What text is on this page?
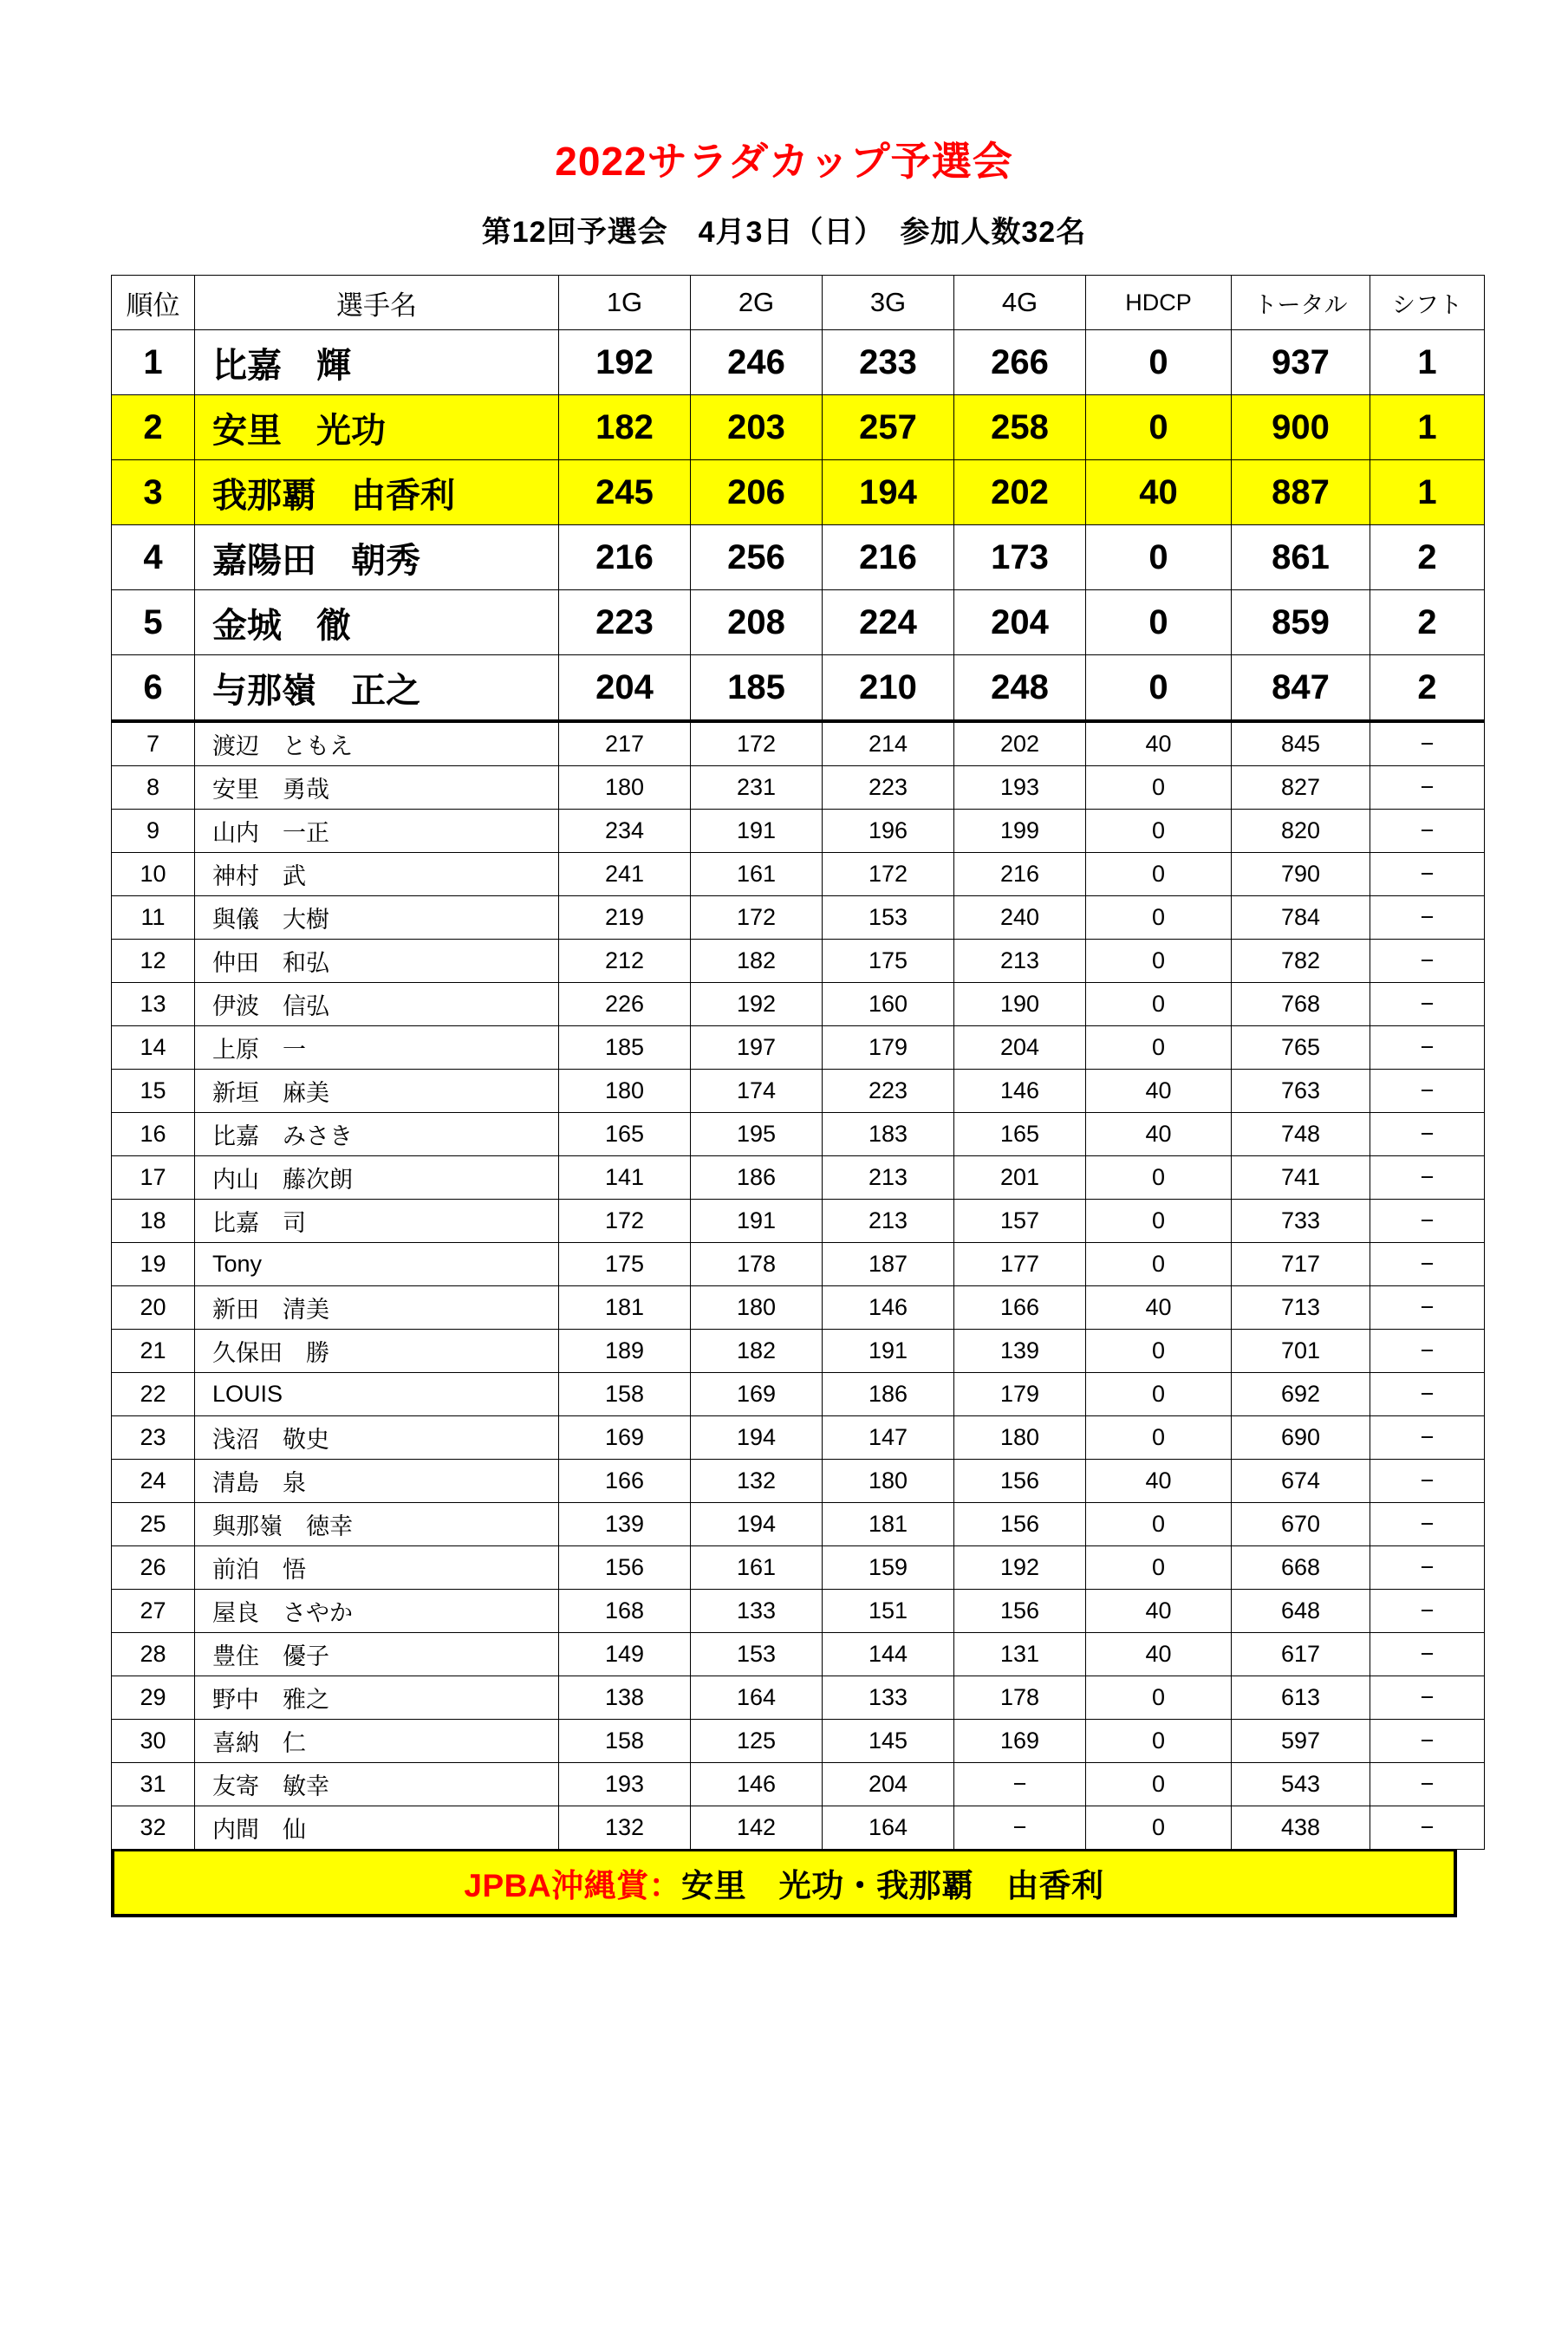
2022サラダカップ予選会
第12回予選会　4月3日（日）　参加人数32名
順位	選手名	1G	2G	3G	4G	HDCP	トータル	シフト
1	比嘉　輝	192	246	233	266	0	937	1
2	安里　光功	182	203	257	258	0	900	1
3	我那覇　由香利	245	206	194	202	40	887	1
4	嘉陽田　朝秀	216	256	216	173	0	861	2
5	金城　徹	223	208	224	204	0	859	2
6	与那嶺　正之	204	185	210	248	0	847	2
7	渡辺　ともえ	217	172	214	202	40	845	−
8	安里　勇哉	180	231	223	193	0	827	−
9	山内　一正	234	191	196	199	0	820	−
10	神村　武	241	161	172	216	0	790	−
11	與儀　大樹	219	172	153	240	0	784	−
12	仲田　和弘	212	182	175	213	0	782	−
13	伊波　信弘	226	192	160	190	0	768	−
14	上原　一	185	197	179	204	0	765	−
15	新垣　麻美	180	174	223	146	40	763	−
16	比嘉　みさき	165	195	183	165	40	748	−
17	内山　藤次朗	141	186	213	201	0	741	−
18	比嘉　司	172	191	213	157	0	733	−
19	Tony	175	178	187	177	0	717	−
20	新田　清美	181	180	146	166	40	713	−
21	久保田　勝	189	182	191	139	0	701	−
22	LOUIS	158	169	186	179	0	692	−
23	浅沼　敬史	169	194	147	180	0	690	−
24	清島　泉	166	132	180	156	40	674	−
25	與那嶺　徳幸	139	194	181	156	0	670	−
26	前泊　悟	156	161	159	192	0	668	−
27	屋良　さやか	168	133	151	156	40	648	−
28	豊住　優子	149	153	144	131	40	617	−
29	野中　雅之	138	164	133	178	0	613	−
30	喜納　仁	158	125	145	169	0	597	−
31	友寄　敏幸	193	146	204	−	0	543	−
32	内間　仙	132	142	164	−	0	438	−
JPBA沖縄賞： 安里　光功・我那覇　由香利
